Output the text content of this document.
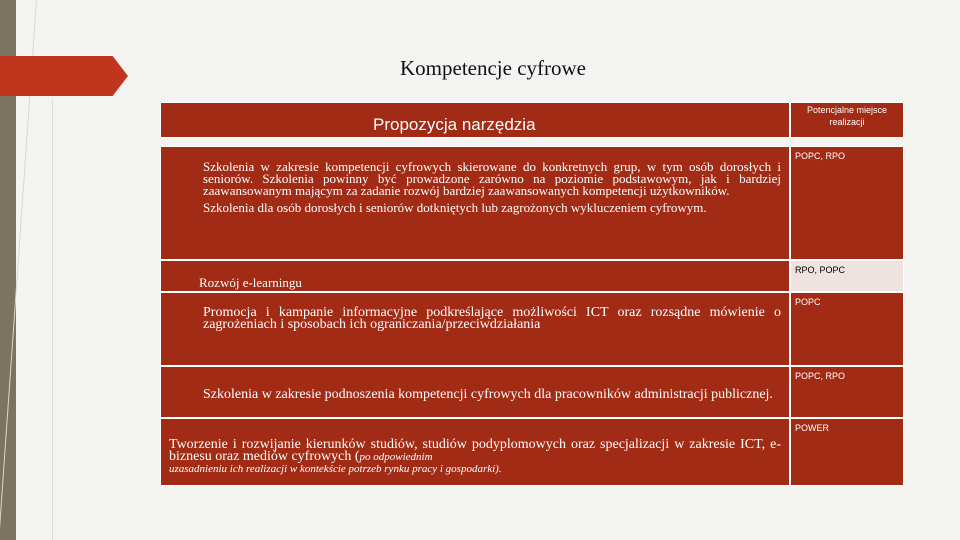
Kompetencje cyfrowe
Propozycja narzędzia
Potencjalne miejsce realizacji
Szkolenia w zakresie kompetencji cyfrowych skierowane do konkretnych grup, w tym osób dorosłych i seniorów. Szkolenia powinny być prowadzone zarówno na poziomie podstawowym, jak i bardziej zaawansowanym mającym za zadanie rozwój bardziej zaawansowanych kompetencji użytkowników.
Szkolenia dla osób dorosłych i seniorów dotkniętych lub zagrożonych wykluczeniem cyfrowym.
POPC, RPO
Rozwój e-learningu
RPO, POPC
Promocja i kampanie informacyjne podkreślające możliwości ICT oraz rozsądne mówienie o zagrożeniach i sposobach ich ograniczania/przeciwdziałania
POPC
Szkolenia w zakresie podnoszenia kompetencji cyfrowych dla pracowników administracji publicznej.
POPC, RPO
Tworzenie i rozwijanie kierunków studiów, studiów podyplomowych oraz specjalizacji w zakresie ICT, e-biznesu oraz mediów cyfrowych (po odpowiednim
uzasadnieniu ich realizacji w kontekście potrzeb rynku pracy i gospodarki).
POWER
